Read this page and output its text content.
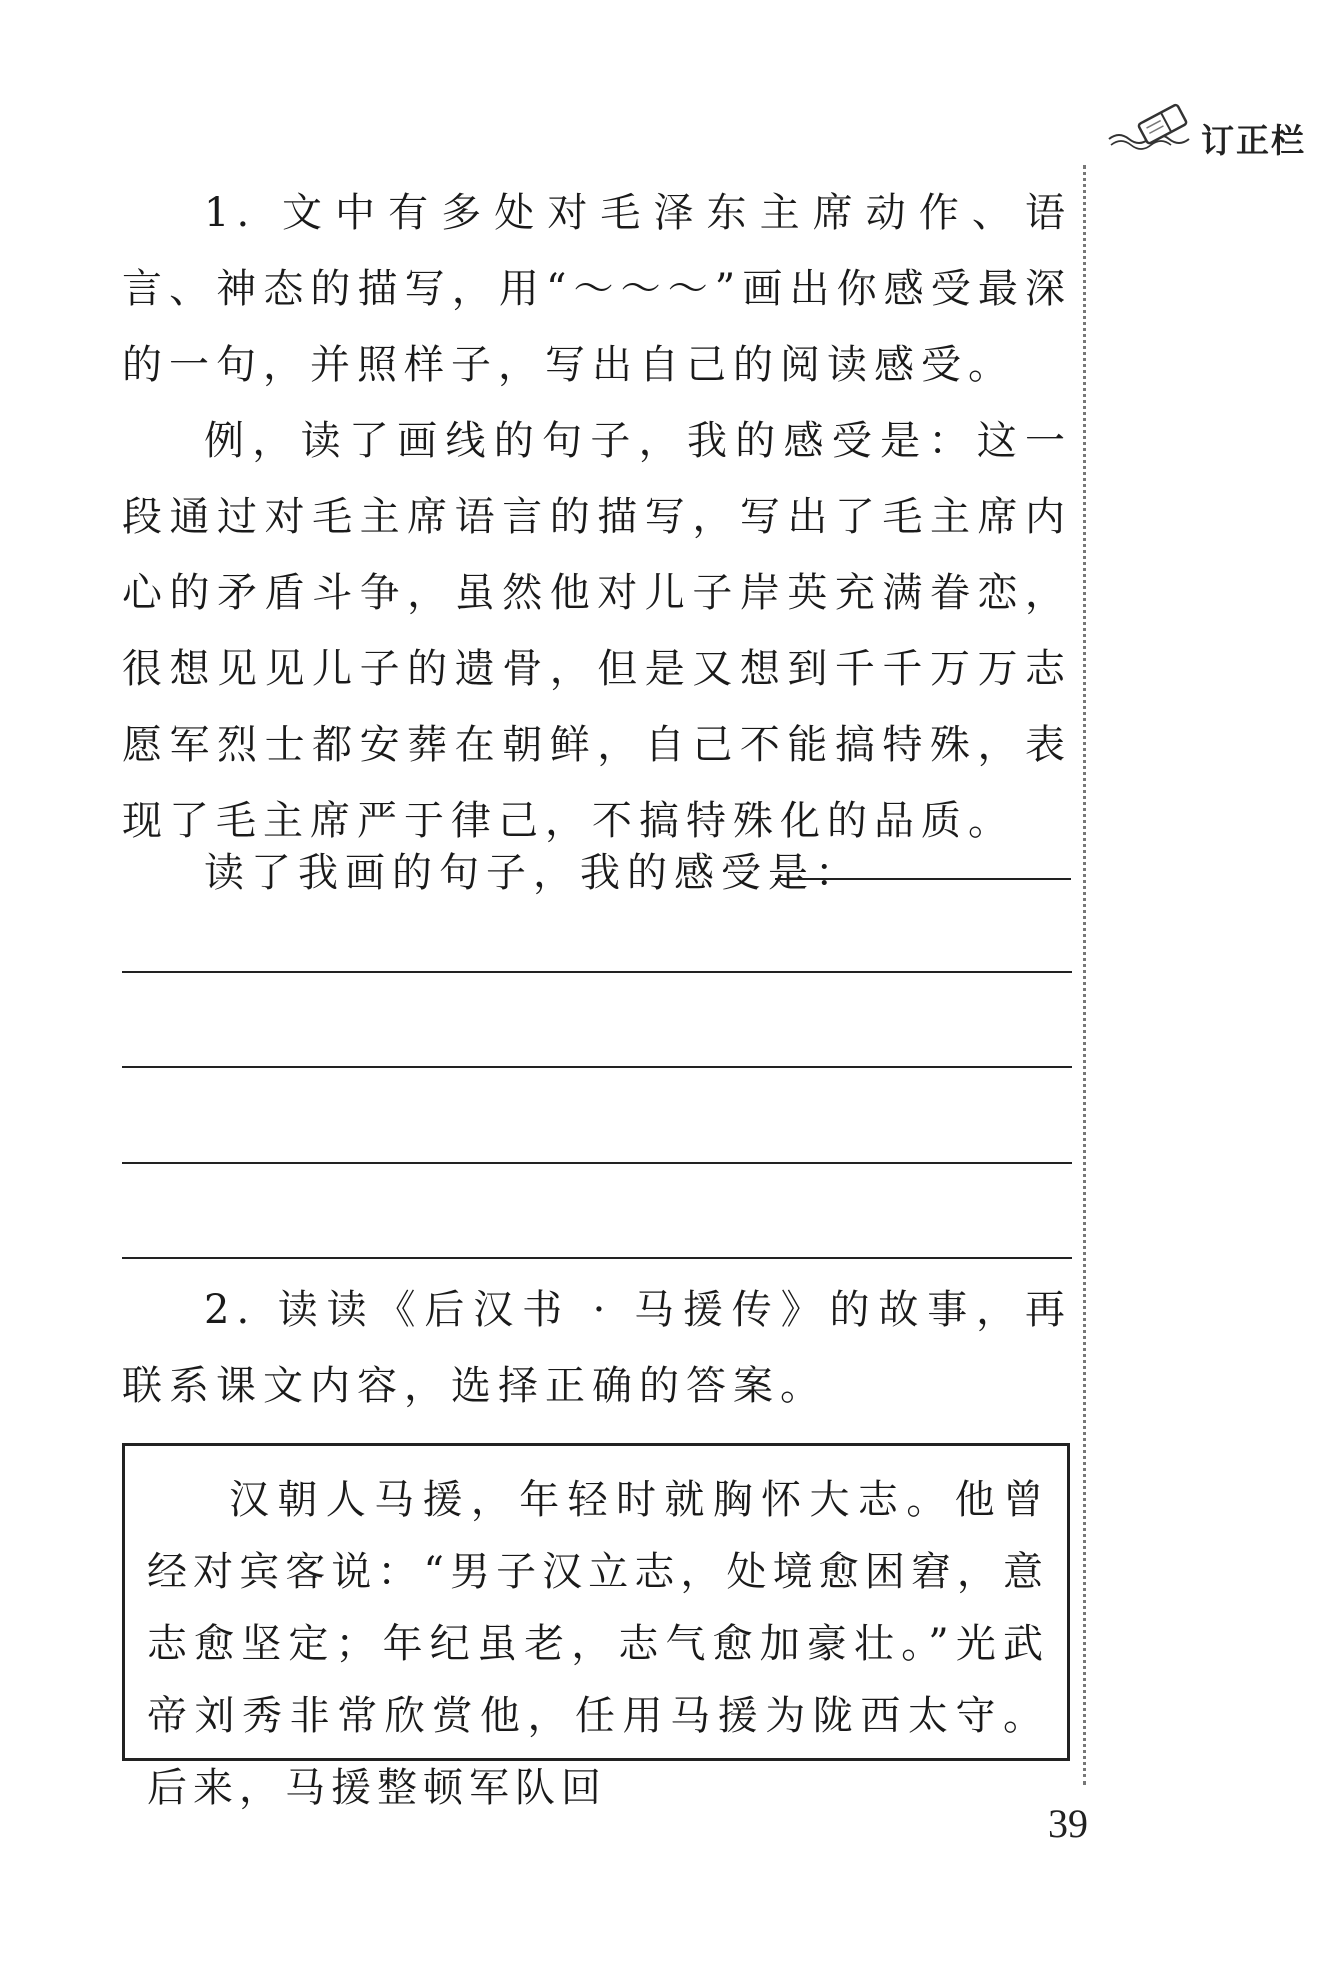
订正栏

1. 文中有多处对毛泽东主席动作、语言、神态的描写，用“～～～”画出你感受最深的一句，并照样子，写出自己的阅读感受。

例，读了画线的句子，我的感受是：这一段通过对毛主席语言的描写，写出了毛主席内心的矛盾斗争，虽然他对儿子岸英充满眷恋，很想见见儿子的遗骨，但是又想到千千万万志愿军烈士都安葬在朝鲜，自己不能搞特殊，表现了毛主席严于律己，不搞特殊化的品质。

读了我画的句子，我的感受是：

2. 读读《后汉书 · 马援传》的故事，再联系课文内容，选择正确的答案。

汉朝人马援，年轻时就胸怀大志。他曾经对宾客说：“男子汉立志，处境愈困窘，意志愈坚定；年纪虽老，志气愈加豪壮。”光武帝刘秀非常欣赏他，任用马援为陇西太守。后来，马援整顿军队回

39
